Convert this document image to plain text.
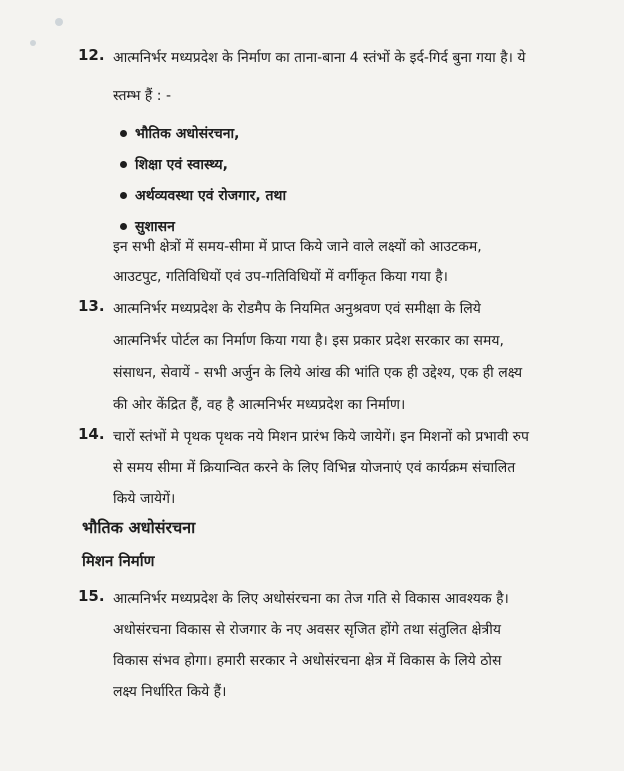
12. आत्मनिर्भर मध्यप्रदेश के निर्माण का ताना-बाना 4 स्तंभों के इर्द-गिर्द बुना गया है। ये
स्तम्भ हैं : -
भौतिक अधोसंरचना,
शिक्षा एवं स्वास्थ्य,
अर्थव्यवस्था एवं रोजगार, तथा
सुशासन
इन सभी क्षेत्रों में समय-सीमा में प्राप्त किये जाने वाले लक्ष्यों को आउटकम,
आउटपुट, गतिविधियों एवं उप-गतिविधियों में वर्गीकृत किया गया है।
13. आत्मनिर्भर मध्यप्रदेश के रोडमैप के नियमित अनुश्रवण एवं समीक्षा के लिये
आत्मनिर्भर पोर्टल का निर्माण किया गया है। इस प्रकार प्रदेश सरकार का समय,
संसाधन, सेवायें - सभी अर्जुन के लिये आंख की भांति एक ही उद्देश्य, एक ही लक्ष्य
की ओर केंद्रित हैं, वह है आत्मनिर्भर मध्यप्रदेश का निर्माण।
14. चारों स्तंभों मे पृथक पृथक नये मिशन प्रारंभ किये जायेगें। इन मिशनों को प्रभावी रुप
से समय सीमा में क्रियान्वित करने के लिए विभिन्न योजनाएं एवं कार्यक्रम संचालित
किये जायेगें।
भौतिक अधोसंरचना
मिशन निर्माण
15. आत्मनिर्भर मध्यप्रदेश के लिए अधोसंरचना का तेज गति से विकास आवश्यक है।
अधोसंरचना विकास से रोजगार के नए अवसर सृजित होंगे तथा संतुलित क्षेत्रीय
विकास संभव होगा। हमारी सरकार ने अधोसंरचना क्षेत्र में विकास के लिये ठोस
लक्ष्य निर्धारित किये हैं।
